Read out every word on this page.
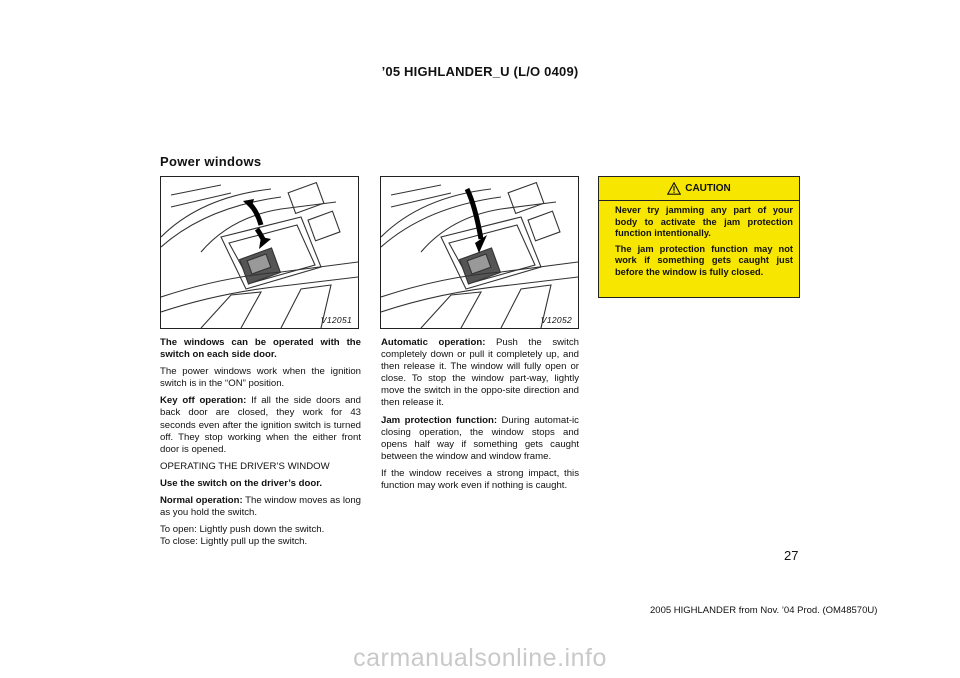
’05 HIGHLANDER_U (L/O 0409)
Power windows
V12051	V12052

The windows can be operated with the switch on each side door.

The power windows work when the ignition switch is in the “ON” position.

Key off operation: If all the side doors and back door are closed, they work for 43 seconds even after the ignition switch is turned off. They stop working when the either front door is opened.

OPERATING THE DRIVER’S WINDOW

Use the switch on the driver’s door.

Normal operation: The window moves as long as you hold the switch.

To open: Lightly push down the switch.

To close: Lightly pull up the switch.

Automatic operation: Push the switch completely down or pull it completely up, and then release it. The window will fully open or close. To stop the window part-way, lightly move the switch in the oppo-site direction and then release it.

Jam protection function: During automat-ic closing operation, the window stops and opens half way if something gets caught between the window and window frame.

If the window receives a strong impact, this function may work even if nothing is caught.

CAUTION
Never try jamming any part of your body to activate the jam protection function intentionally.
The jam protection function may not work if something gets caught just before the window is fully closed.
27
2005 HIGHLANDER from Nov. ’04 Prod. (OM48570U)
carmanualsonline.info
